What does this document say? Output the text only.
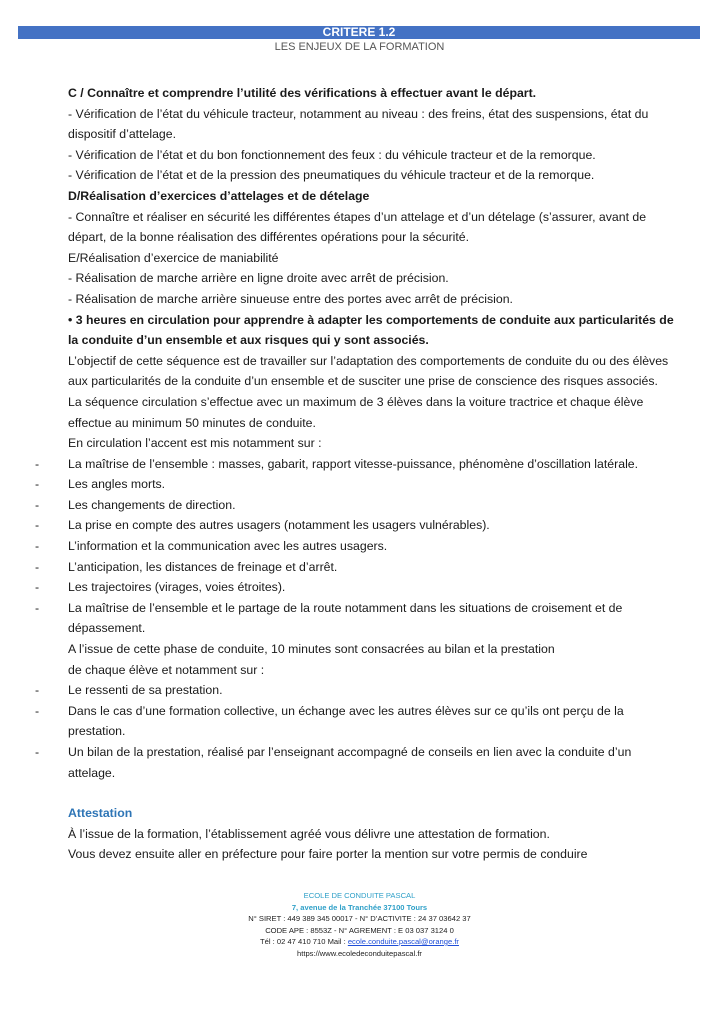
CRITERE 1.2
LES ENJEUX DE LA FORMATION

C / Connaître et comprendre l’utilité des vérifications à effectuer avant le départ.

- Vérification de l’état du véhicule tracteur, notamment au niveau : des freins, état des suspensions, état du dispositif d’attelage.

- Vérification de l’état et du bon fonctionnement des feux : du véhicule tracteur et de la remorque.

- Vérification de l’état et de la pression des pneumatiques du véhicule tracteur et de la remorque.

D/Réalisation d’exercices d’attelages et de dételage

- Connaître et réaliser en sécurité les différentes étapes d’un attelage et d’un dételage (s’assurer, avant de départ, de la bonne réalisation des différentes opérations pour la sécurité.

E/Réalisation d’exercice de maniabilité

- Réalisation de marche arrière en ligne droite avec arrêt de précision.

- Réalisation de marche arrière sinueuse entre des portes avec arrêt de précision.

• 3 heures en circulation pour apprendre à adapter les comportements de conduite aux particularités de la conduite d’un ensemble et aux risques qui y sont associés.

L’objectif de cette séquence est de travailler sur l’adaptation des comportements de conduite du ou des élèves aux particularités de la conduite d’un ensemble et de susciter une prise de conscience des risques associés.

La séquence circulation s’effectue avec un maximum de 3 élèves dans la voiture tractrice et chaque élève effectue au minimum 50 minutes de conduite.

En circulation l’accent est mis notamment sur :

- La maîtrise de l’ensemble : masses, gabarit, rapport vitesse-puissance, phénomène d’oscillation latérale.

- Les angles morts.

- Les changements de direction.

- La prise en compte des autres usagers (notamment les usagers vulnérables).

- L’information et la communication avec les autres usagers.

- L’anticipation, les distances de freinage et d’arrêt.

- Les trajectoires (virages, voies étroites).

- La maîtrise de l’ensemble et le partage de la route notamment dans les situations de croisement et de dépassement.

A l’issue de cette phase de conduite, 10 minutes sont consacrées au bilan et la prestation

de chaque élève et notamment sur :

- Le ressenti de sa prestation.

- Dans le cas d’une formation collective, un échange avec les autres élèves sur ce qu’ils ont perçu de la prestation.

- Un bilan de la prestation, réalisé par l’enseignant accompagné de conseils en lien avec la conduite d’un attelage.

Attestation

À l’issue de la formation, l’établissement agréé vous délivre une attestation de formation.

Vous devez ensuite aller en préfecture pour faire porter la mention sur votre permis de conduire

ECOLE DE CONDUITE PASCAL
7, avenue de la Tranchée 37100 Tours
N° SIRET : 449 389 345 00017 - N° D’ACTIVITE : 24 37 03642 37
CODE APE : 8553Z - N° AGREMENT : E 03 037 3124 0
Tél : 02 47 410 710 Mail : ecole.conduite.pascal@orange.fr
https://www.ecoledeconduitepascal.fr
